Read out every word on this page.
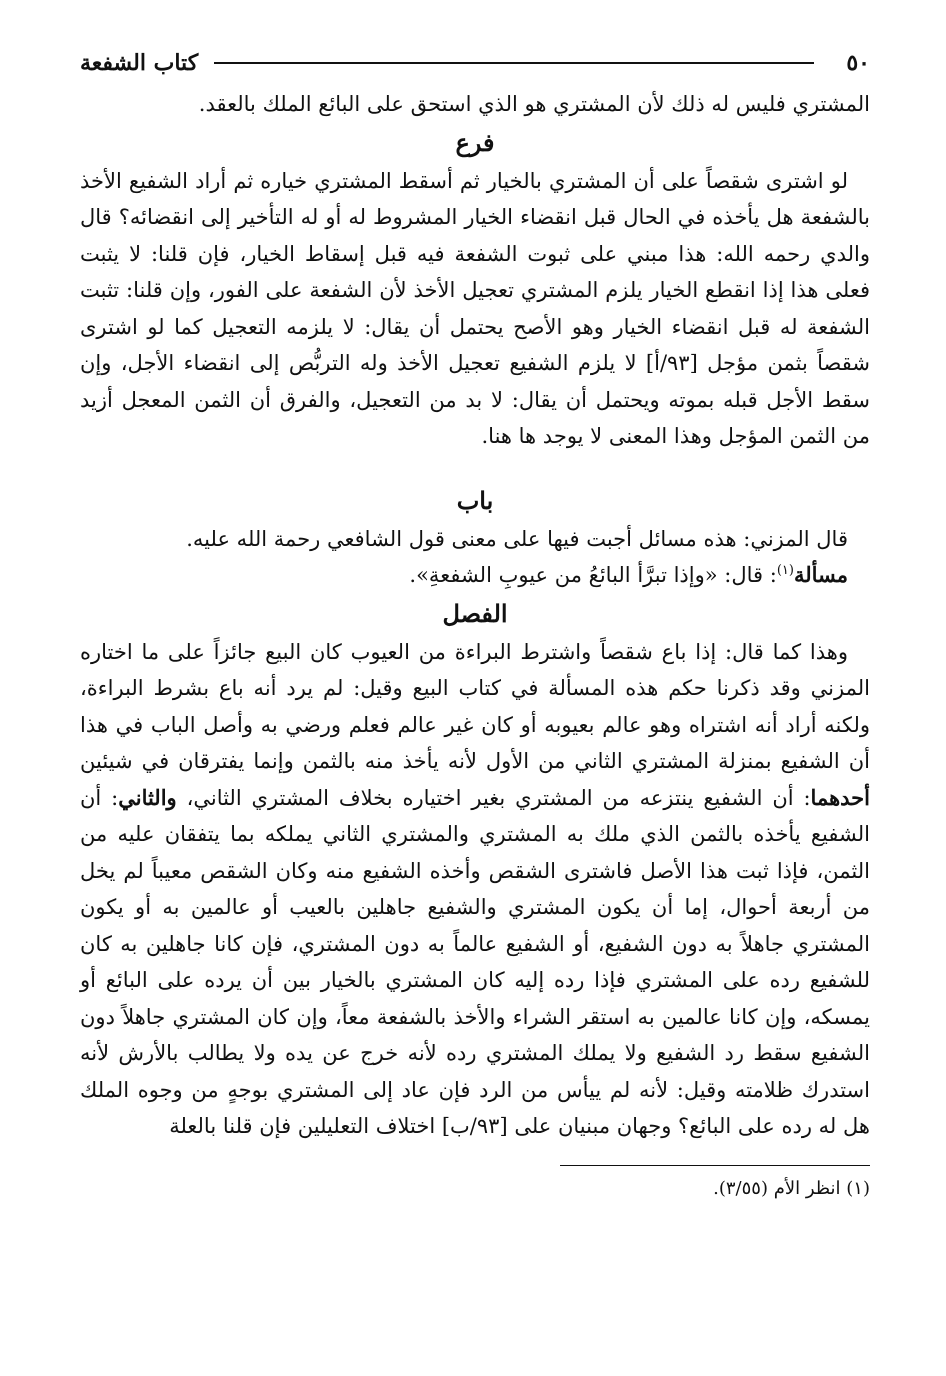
٥٠
كتاب الشفعة

المشتري فليس له ذلك لأن المشتري هو الذي استحق على البائع الملك بالعقد.

فرع

لو اشترى شقصاً على أن المشتري بالخيار ثم أسقط المشتري خياره ثم أراد الشفيع الأخذ بالشفعة هل يأخذه في الحال قبل انقضاء الخيار المشروط له أو له التأخير إلى انقضائه؟ قال والدي رحمه الله: هذا مبني على ثبوت الشفعة فيه قبل إسقاط الخيار، فإن قلنا: لا يثبت فعلى هذا إذا انقطع الخيار يلزم المشتري تعجيل الأخذ لأن الشفعة على الفور، وإن قلنا: تثبت الشفعة له قبل انقضاء الخيار وهو الأصح يحتمل أن يقال: لا يلزمه التعجيل كما لو اشترى شقصاً بثمن مؤجل [٩٣/أ] لا يلزم الشفيع تعجيل الأخذ وله التربُّص إلى انقضاء الأجل، وإن سقط الأجل قبله بموته ويحتمل أن يقال: لا بد من التعجيل، والفرق أن الثمن المعجل أزيد من الثمن المؤجل وهذا المعنى لا يوجد ها هنا.

باب

قال المزني: هذه مسائل أجبت فيها على معنى قول الشافعي رحمة الله عليه.

مسألة$^{(١)}$: قال: «وإذا تبرَّأ البائعُ من عيوبِ الشفعةِ».

الفصل

وهذا كما قال: إذا باع شقصاً واشترط البراءة من العيوب كان البيع جائزاً على ما اختاره المزني وقد ذكرنا حكم هذه المسألة في كتاب البيع وقيل: لم يرد أنه باع بشرط البراءة، ولكنه أراد أنه اشتراه وهو عالم بعيوبه أو كان غير عالم فعلم ورضي به وأصل الباب في هذا أن الشفيع بمنزلة المشتري الثاني من الأول لأنه يأخذ منه بالثمن وإنما يفترقان في شيئين أحدهما: أن الشفيع ينتزعه من المشتري بغير اختياره بخلاف المشتري الثاني، والثاني: أن الشفيع يأخذه بالثمن الذي ملك به المشتري والمشتري الثاني يملكه بما يتفقان عليه من الثمن، فإذا ثبت هذا الأصل فاشترى الشقص وأخذه الشفيع منه وكان الشقص معيباً لم يخل من أربعة أحوال، إما أن يكون المشتري والشفيع جاهلين بالعيب أو عالمين به أو يكون المشتري جاهلاً به دون الشفيع، أو الشفيع عالماً به دون المشتري، فإن كانا جاهلين به كان للشفيع رده على المشتري فإذا رده إليه كان المشتري بالخيار بين أن يرده على البائع أو يمسكه، وإن كانا عالمين به استقر الشراء والأخذ بالشفعة معاً، وإن كان المشتري جاهلاً دون الشفيع سقط رد الشفيع ولا يملك المشتري رده لأنه خرج عن يده ولا يطالب بالأرش لأنه استدرك ظلامته وقيل: لأنه لم ييأس من الرد فإن عاد إلى المشتري بوجهٍ من وجوه الملك هل له رده على البائع؟ وجهان مبنيان على [٩٣/ب] اختلاف التعليلين فإن قلنا بالعلة

(١) انظر الأم (٣/٥٥).
